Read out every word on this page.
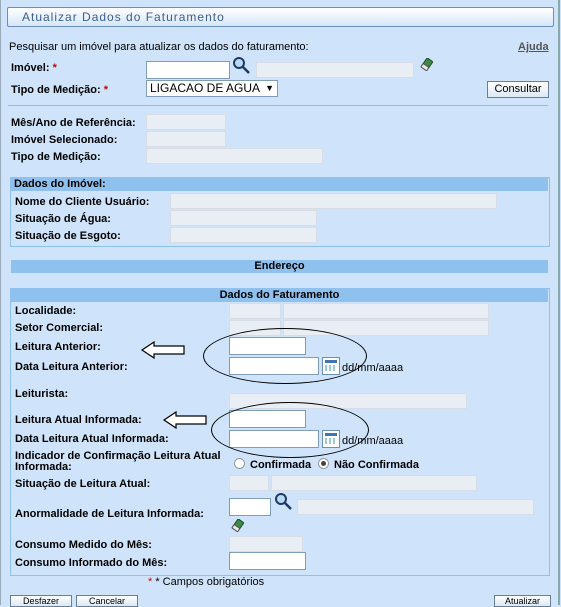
Atualizar Dados do Faturamento
Pesquisar um imóvel para atualizar os dados do faturamento:	Ajuda
Imóvel: *
Tipo de Medição: *	LIGACAO DE AGUA ▼	Consultar
Mês/Ano de Referência:
Imóvel Selecionado:
Tipo de Medição:
Dados do Imóvel:
Nome do Cliente Usuário:
Situação de Água:
Situação de Esgoto:
Endereço
Dados do Faturamento
Localidade:
Setor Comercial:
Leitura Anterior:
Data Leitura Anterior:	dd/mm/aaaa
Leiturista:
Leitura Atual Informada:
Data Leitura Atual Informada:	dd/mm/aaaa
Indicador de Confirmação Leitura Atual Informada:	Confirmada Não Confirmada
Situação de Leitura Atual:
Anormalidade de Leitura Informada:
Consumo Medido do Mês:
Consumo Informado do Mês:
* * Campos obrigatórios
Desfazer	Cancelar	Atualizar
